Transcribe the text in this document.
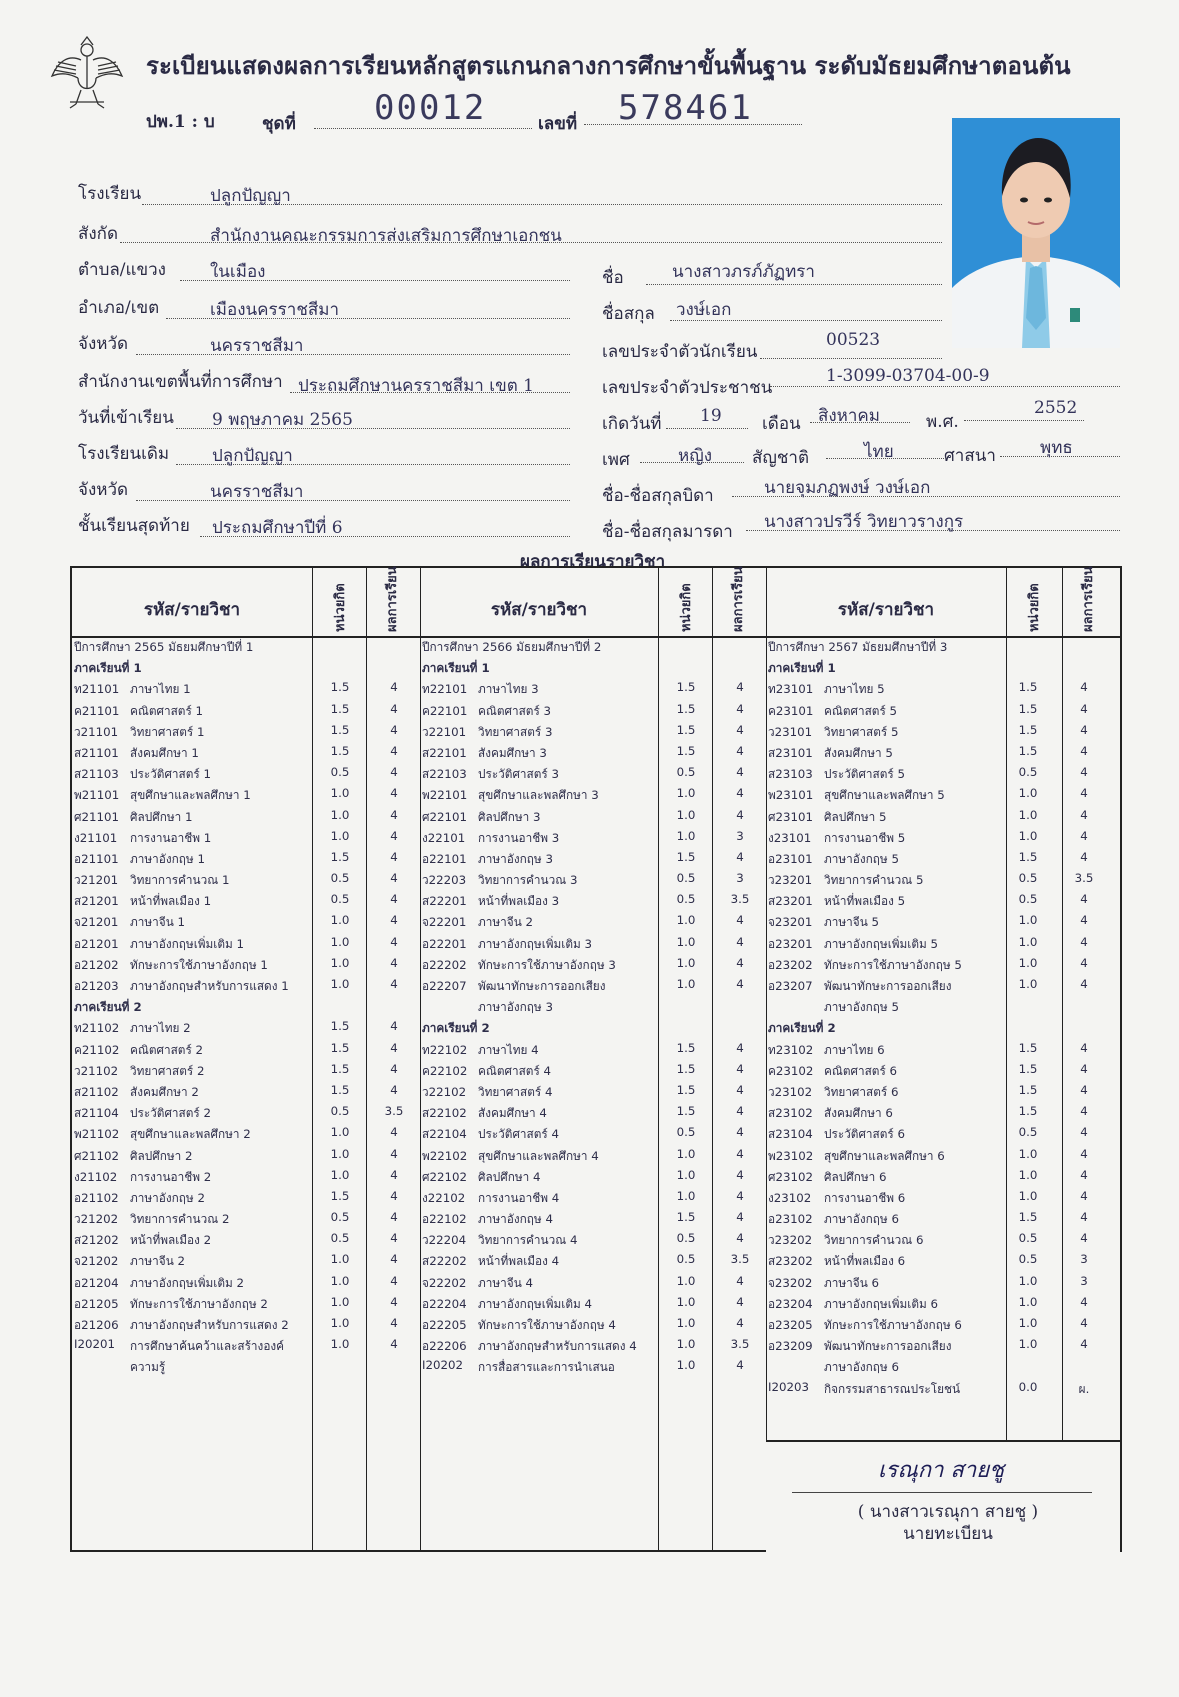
ระเบียนแสดงผลการเรียนหลักสูตรแกนกลางการศึกษาขั้นพื้นฐาน ระดับมัธยมศึกษาตอนต้น
ปพ.1 : บ	ชุดที่ 00012	เลขที่ 578461
โรงเรียน	ปลูกปัญญา
สังกัด	สำนักงานคณะกรรมการส่งเสริมการศึกษาเอกชน
ตำบล/แขวง	ในเมือง
อำเภอ/เขต	เมืองนครราชสีมา
จังหวัด	นครราชสีมา
สำนักงานเขตพื้นที่การศึกษา ประถมศึกษานครราชสีมา เขต 1
วันที่เข้าเรียน 9 พฤษภาคม 2565
โรงเรียนเดิม	ปลูกปัญญา
จังหวัด	นครราชสีมา
ชั้นเรียนสุดท้าย ประถมศึกษาปีที่ 6
ชื่อ	นางสาวภรภ์ภัฏทรา
ชื่อสกุล วงษ์เอก
เลขประจำตัวนักเรียน
00523
เลขประจำตัวประชาชน
1-3099-03704-00-9
เกิดวันที่ 19 เดือน สิงหาคม	พ.ศ.
2552
เพศ	หญิง สัญชาติ	ไทย	ศาสนา	พุทธ
ชื่อ-ชื่อสกุลบิดา	นายจุมภฏพงษ์ วงษ์เอก
ชื่อ-ชื่อสกุลมารดา นางสาวปรวีร์ วิทยาวรางกูร
ผลการเรียนรายวิชา
รหัส/รายวิชา	หน่วยกิต	ผลการเรียน	รหัส/รายวิชา	หน่วยกิต	ผลการเรียน	รหัส/รายวิชา	หน่วยกิต	ผลการเรียน
ปีการศึกษา 2565 มัธยมศึกษาปีที่ 1
ภาคเรียนที่ 1
ท21101 ภาษาไทย 1	1.5	4
ค21101 คณิตศาสตร์ 1	1.5	4
ว21101 วิทยาศาสตร์ 1	1.5	4
ส21101 สังคมศึกษา 1	1.5	4
ส21103 ประวัติศาสตร์ 1	0.5	4
พ21101 สุขศึกษาและพลศึกษา 1	1.0	4
ศ21101 ศิลปศึกษา 1	1.0	4
ง21101 การงานอาชีพ 1	1.0	4
อ21101 ภาษาอังกฤษ 1	1.5	4
ว21201 วิทยาการคำนวณ 1	0.5	4
ส21201 หน้าที่พลเมือง 1	0.5	4
จ21201 ภาษาจีน 1	1.0	4
อ21201 ภาษาอังกฤษเพิ่มเติม 1	1.0	4
อ21202 ทักษะการใช้ภาษาอังกฤษ 1	1.0	4
อ21203 ภาษาอังกฤษสำหรับการแสดง 1	1.0	4
ภาคเรียนที่ 2
ท21102 ภาษาไทย 2	1.5	4
ค21102 คณิตศาสตร์ 2	1.5	4
ว21102 วิทยาศาสตร์ 2	1.5	4
ส21102 สังคมศึกษา 2	1.5	4
ส21104 ประวัติศาสตร์ 2	0.5	3.5
พ21102 สุขศึกษาและพลศึกษา 2	1.0	4
ศ21102 ศิลปศึกษา 2	1.0	4
ง21102 การงานอาชีพ 2	1.0	4
อ21102 ภาษาอังกฤษ 2	1.5	4
ว21202 วิทยาการคำนวณ 2	0.5	4
ส21202 หน้าที่พลเมือง 2	0.5	4
จ21202 ภาษาจีน 2	1.0	4
อ21204 ภาษาอังกฤษเพิ่มเติม 2	1.0	4
อ21205 ทักษะการใช้ภาษาอังกฤษ 2	1.0	4
อ21206 ภาษาอังกฤษสำหรับการแสดง 2	1.0	4
I20201 การศึกษาค้นคว้าและสร้างองค์	1.0	4
ความรู้
ปีการศึกษา 2566 มัธยมศึกษาปีที่ 2
ภาคเรียนที่ 1
ท22101 ภาษาไทย 3	1.5	4
ค22101 คณิตศาสตร์ 3	1.5	4
ว22101 วิทยาศาสตร์ 3	1.5	4
ส22101 สังคมศึกษา 3	1.5	4
ส22103 ประวัติศาสตร์ 3	0.5	4
พ22101 สุขศึกษาและพลศึกษา 3	1.0	4
ศ22101 ศิลปศึกษา 3	1.0	4
ง22101 การงานอาชีพ 3	1.0	3
อ22101 ภาษาอังกฤษ 3	1.5	4
ว22203 วิทยาการคำนวณ 3	0.5	3
ส22201 หน้าที่พลเมือง 3	0.5	3.5
จ22201 ภาษาจีน 2	1.0	4
อ22201 ภาษาอังกฤษเพิ่มเติม 3	1.0	4
อ22202 ทักษะการใช้ภาษาอังกฤษ 3	1.0	4
อ22207 พัฒนาทักษะการออกเสียง	1.0	4
ภาษาอังกฤษ 3
ภาคเรียนที่ 2
ท22102 ภาษาไทย 4	1.5	4
ค22102 คณิตศาสตร์ 4	1.5	4
ว22102 วิทยาศาสตร์ 4	1.5	4
ส22102 สังคมศึกษา 4	1.5	4
ส22104 ประวัติศาสตร์ 4	0.5	4
พ22102 สุขศึกษาและพลศึกษา 4	1.0	4
ศ22102 ศิลปศึกษา 4	1.0	4
ง22102 การงานอาชีพ 4	1.0	4
อ22102 ภาษาอังกฤษ 4	1.5	4
ว22204 วิทยาการคำนวณ 4	0.5	4
ส22202 หน้าที่พลเมือง 4	0.5	3.5
จ22202 ภาษาจีน 4	1.0	4
อ22204 ภาษาอังกฤษเพิ่มเติม 4	1.0	4
อ22205 ทักษะการใช้ภาษาอังกฤษ 4	1.0	4
อ22206 ภาษาอังกฤษสำหรับการแสดง 4	1.0	3.5
I20202 การสื่อสารและการนำเสนอ	1.0	4
ปีการศึกษา 2567 มัธยมศึกษาปีที่ 3
ภาคเรียนที่ 1
ท23101 ภาษาไทย 5	1.5	4
ค23101 คณิตศาสตร์ 5	1.5	4
ว23101 วิทยาศาสตร์ 5	1.5	4
ส23101 สังคมศึกษา 5	1.5	4
ส23103 ประวัติศาสตร์ 5	0.5	4
พ23101 สุขศึกษาและพลศึกษา 5	1.0	4
ศ23101 ศิลปศึกษา 5	1.0	4
ง23101 การงานอาชีพ 5	1.0	4
อ23101 ภาษาอังกฤษ 5	1.5	4
ว23201 วิทยาการคำนวณ 5	0.5	3.5
ส23201 หน้าที่พลเมือง 5	0.5	4
จ23201 ภาษาจีน 5	1.0	4
อ23201 ภาษาอังกฤษเพิ่มเติม 5	1.0	4
อ23202 ทักษะการใช้ภาษาอังกฤษ 5	1.0	4
อ23207 พัฒนาทักษะการออกเสียง	1.0	4
ภาษาอังกฤษ 5
ภาคเรียนที่ 2
ท23102 ภาษาไทย 6	1.5	4
ค23102 คณิตศาสตร์ 6	1.5	4
ว23102 วิทยาศาสตร์ 6	1.5	4
ส23102 สังคมศึกษา 6	1.5	4
ส23104 ประวัติศาสตร์ 6	0.5	4
พ23102 สุขศึกษาและพลศึกษา 6	1.0	4
ศ23102 ศิลปศึกษา 6	1.0	4
ง23102 การงานอาชีพ 6	1.0	4
อ23102 ภาษาอังกฤษ 6	1.5	4
ว23202 วิทยาการคำนวณ 6	0.5	4
ส23202 หน้าที่พลเมือง 6	0.5	3
จ23202 ภาษาจีน 6	1.0	3
อ23204 ภาษาอังกฤษเพิ่มเติม 6	1.0	4
อ23205 ทักษะการใช้ภาษาอังกฤษ 6	1.0	4
อ23209 พัฒนาทักษะการออกเสียง	1.0	4
ภาษาอังกฤษ 6
I20203 กิจกรรมสาธารณประโยชน์	0.0	ผ.
เรณุกา สายชู
( นางสาวเรณุกา สายชู )
นายทะเบียน
